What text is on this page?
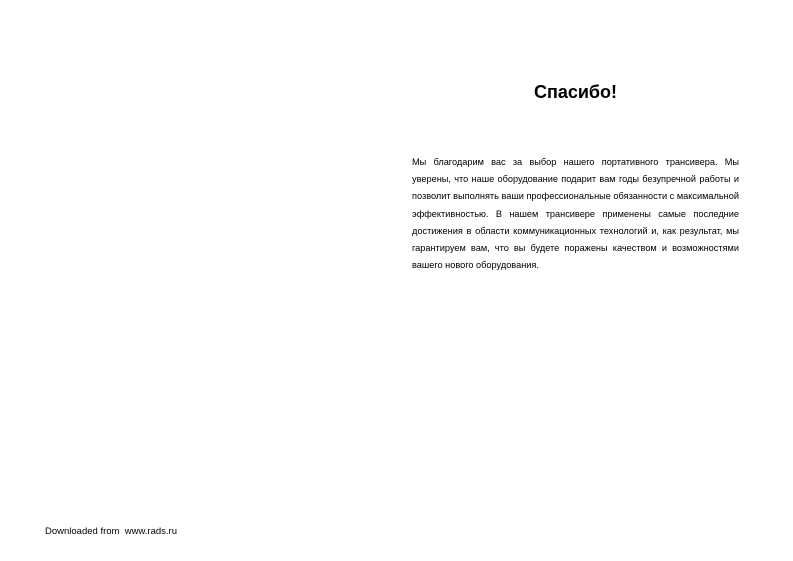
Спасибо!

Мы благодарим вас за выбор нашего портативного трансивера. Мы уверены, что наше оборудование подарит вам годы безупречной работы и позволит выполнять ваши профессиональные обязанности с максимальной эффективностью. В нашем трансивере применены самые последние достижения в области коммуникационных технологий и, как результат, мы гарантируем вам, что вы будете поражены качеством и возможностями вашего нового оборудования.

Downloaded from  www.rads.ru
